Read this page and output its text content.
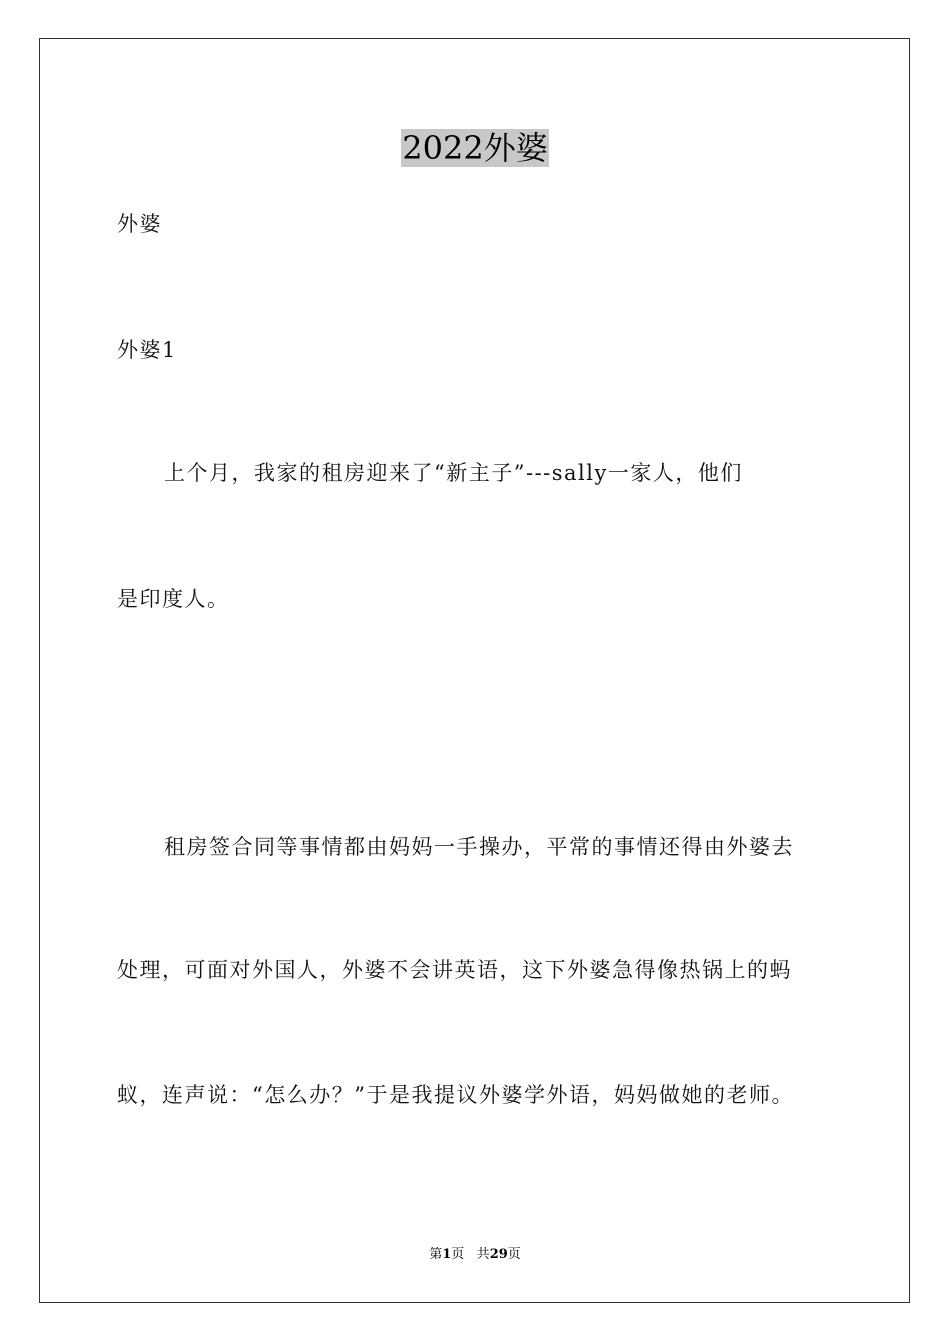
2022外婆
外婆
外婆1
上个月，我家的租房迎来了“新主子”---sally一家人，他们
是印度人。
租房签合同等事情都由妈妈一手操办，平常的事情还得由外婆去
处理，可面对外国人，外婆不会讲英语，这下外婆急得像热锅上的蚂
蚁，连声说：“怎么办？”于是我提议外婆学外语，妈妈做她的老师。
第1页 共29页
